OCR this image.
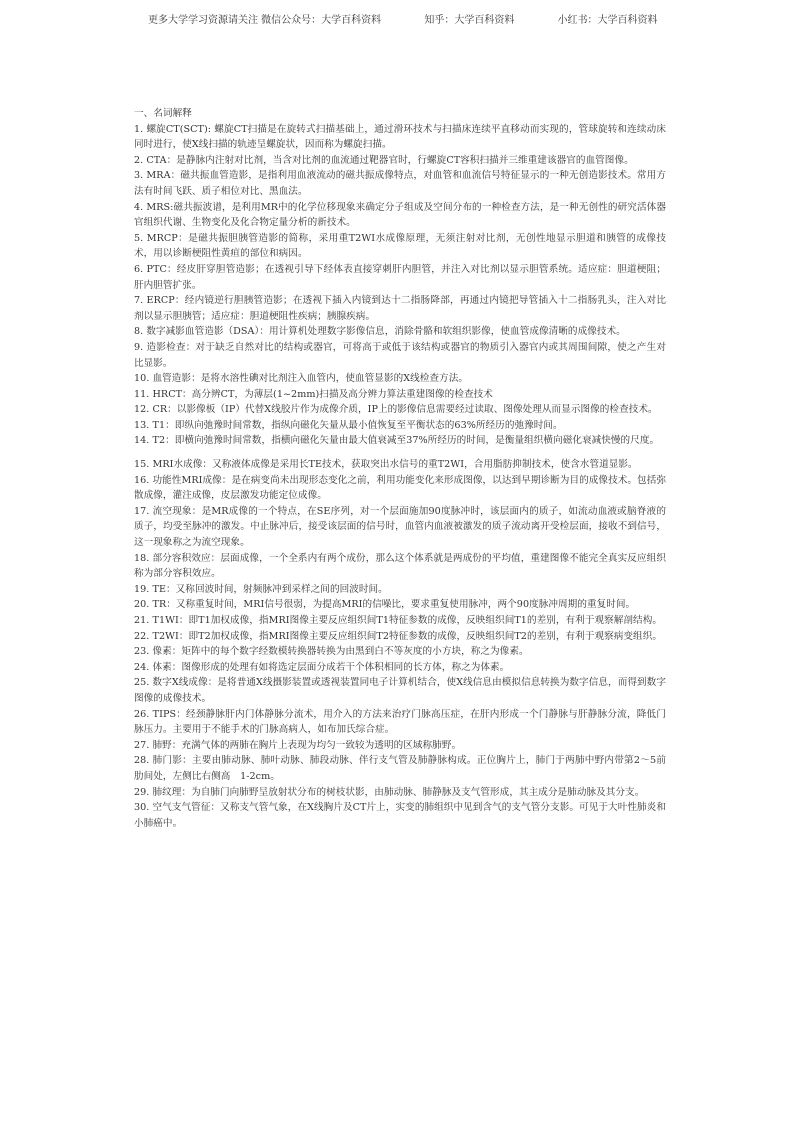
更多大学学习资源请关注 微信公众号：大学百科资料	知乎：大学百科资料	小红书：大学百科资料

一、名词解释

1. 螺旋CT(SCT): 螺旋CT扫描是在旋转式扫描基础上，通过滑环技术与扫描床连续平直移动而实现的，管球旋转和连续动床同时进行，使X线扫描的轨迹呈螺旋状，因而称为螺旋扫描。

2. CTA：是静脉内注射对比剂，当含对比剂的血流通过靶器官时，行螺旋CT容积扫描并三维重建该器官的血管图像。

3. MRA：磁共振血管造影，是指利用血液流动的磁共振成像特点，对血管和血流信号特征显示的一种无创造影技术。常用方法有时间飞跃、质子相位对比、黑血法。

4. MRS:磁共振波谱，是利用MR中的化学位移现象来确定分子组成及空间分布的一种检查方法，是一种无创性的研究活体器官组织代谢、生物变化及化合物定量分析的新技术。

5. MRCP：是磁共振胆胰管造影的简称，采用重T2WI水成像原理，无须注射对比剂，无创性地显示胆道和胰管的成像技术，用以诊断梗阻性黄疸的部位和病因。

6. PTC：经皮肝穿胆管造影；在透视引导下经体表直接穿刺肝内胆管，并注入对比剂以显示胆管系统。适应症：胆道梗阻；肝内胆管扩张。

7. ERCP：经内镜逆行胆胰管造影；在透视下插入内镜到达十二指肠降部，再通过内镜把导管插入十二指肠乳头，注入对比剂以显示胆胰管；适应症：胆道梗阻性疾病；胰腺疾病。

8. 数字减影血管造影（DSA）：用计算机处理数字影像信息，消除骨骼和软组织影像，使血管成像清晰的成像技术。

9. 造影检查：对于缺乏自然对比的结构或器官，可将高于或低于该结构或器官的物质引入器官内或其周围间隙，使之产生对比显影。

10. 血管造影：是将水溶性碘对比剂注入血管内，使血管显影的X线检查方法。

11. HRCT：高分辨CT，为薄层(1~2mm)扫描及高分辨力算法重建图像的检查技术

12. CR：以影像板（IP）代替X线胶片作为成像介质，IP上的影像信息需要经过读取、图像处理从而显示图像的检查技术。

13. T1：即纵向弛豫时间常数，指纵向磁化矢量从最小值恢复至平衡状态的63%所经历的弛豫时间。

14. T2：即横向弛豫时间常数，指横向磁化矢量由最大值衰减至37%所经历的时间，是衡量组织横向磁化衰减快慢的尺度。

15. MRI水成像：又称液体成像是采用长TE技术，获取突出水信号的重T2WI，合用脂肪抑制技术，使含水管道显影。

16. 功能性MRI成像：是在病变尚未出现形态变化之前，利用功能变化来形成图像，以达到早期诊断为目的成像技术。包括弥散成像，灌注成像，皮层激发功能定位成像。

17. 流空现象：是MR成像的一个特点，在SE序列，对一个层面施加90度脉冲时，该层面内的质子，如流动血液或脑脊液的质子，均受至脉冲的激发。中止脉冲后，接受该层面的信号时，血管内血液被激发的质子流动离开受检层面，接收不到信号，这一现象称之为流空现象。

18. 部分容积效应：层面成像，一个全系内有两个成份，那么这个体系就是两成份的平均值，重建图像不能完全真实反应组织称为部分容积效应。

19. TE：又称回波时间，射频脉冲到采样之间的回波时间。

20. TR：又称重复时间，MRI信号很弱，为提高MRI的信噪比，要求重复使用脉冲，两个90度脉冲周期的重复时间。

21. T1WI：即T1加权成像，指MRI图像主要反应组织间T1特征参数的成像，反映组织间T1的差别，有利于观察解剖结构。

22. T2WI：即T2加权成像，指MRI图像主要反应组织间T2特征参数的成像，反映组织间T2的差别，有利于观察病变组织。

23. 像素：矩阵中的每个数字经数模转换器转换为由黑到白不等灰度的小方块，称之为像素。

24. 体素：图像形成的处理有如将选定层面分成若干个体积相同的长方体，称之为体素。

25. 数字X线成像：是将普通X线摄影装置或透视装置同电子计算机结合，使X线信息由模拟信息转换为数字信息，而得到数字图像的成像技术。

26. TIPS：经颈静脉肝内门体静脉分流术，用介入的方法来治疗门脉高压症，在肝内形成一个门静脉与肝静脉分流，降低门脉压力。主要用于不能手术的门脉高病人，如布加氏综合症。

27. 肺野：充满气体的两肺在胸片上表现为均匀一致较为透明的区域称肺野。

28. 肺门影：主要由肺动脉、肺叶动脉、肺段动脉、伴行支气管及肺静脉构成。正位胸片上，肺门于两肺中野内带第2～5前肋间处，左侧比右侧高　1-2cm。

29. 肺纹理：为自肺门向肺野呈放射状分布的树枝状影，由肺动脉、肺静脉及支气管形成，其主成分是肺动脉及其分支。

30. 空气支气管征：又称支气管气象，在X线胸片及CT片上，实变的肺组织中见到含气的支气管分支影。可见于大叶性肺炎和小肺癌中。
